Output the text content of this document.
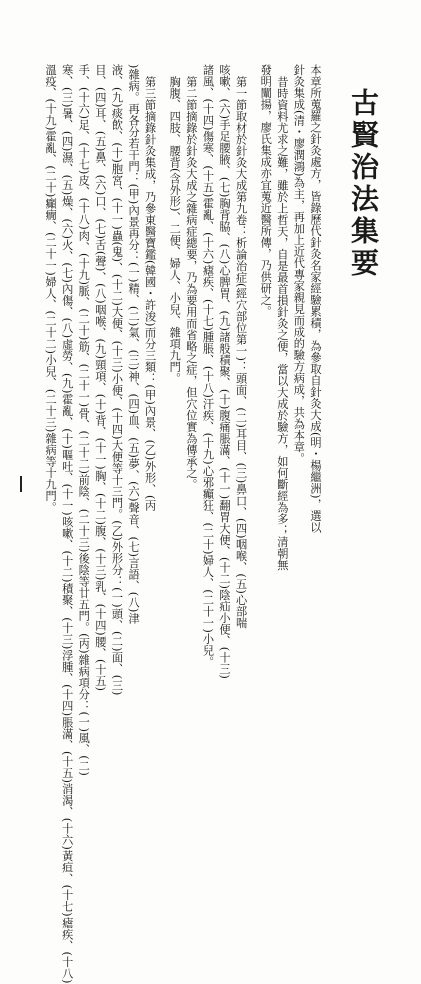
古賢治法集要
本章所蒐羅之針灸處方，皆錄歷代針灸名家經驗累積，為參取自針灸大成(明・楊繼洲)，選以
針灸集成(清・廖潤鴻)為主，再加上近代專家親見而成的驗方病成，共為本章。
昔時資料尤求之難，雖於上哲天，自是最首損針灸之便，當以大成於驗方，如何斷經為多；清朝無
發明闡揚，廖氏集成亦宜蒐近醫所傳，乃供研之。
第一節取材於針灸大成第九卷：析論治症(經穴部位第一)：頭面、(二)耳目、(三)鼻口、(四)咽喉、(五)心部喘
咳嗽、(六)手足腰腋、(七)胸背脇、(八)心脾胃、(九)諸般積聚、(十)腹痛脹滿、(十一)翻胃大便、(十二)陰疝小便、(十三)
諸風、(十四)傷寒、(十五)霍亂、(十六)瘧疾、(十七)腫脹、(十八)汗疾、(十九)心邪癲狂、(二十)婦人、(二十一)小兒。
第二節摘錄於針灸大成之雜病症總要，乃為要用而省略之症，但穴位實為傳承之。
胸腹、四肢、腰背(含外形)、二便、婦人、小兒、雜項九門。
第三節摘錄針灸集成，乃參東醫寶鑑(韓國・許浚)而分三類：(甲)內景、(乙)外形、(丙
)雜病。再各分若干門：(甲)內景再分：(一)精、(二)氣、(三)神、(四)血、(五)夢、(六)聲音、(七)言語、(八)津
液、(九)痰飲、(十)胞宮、(十一)蟲(鬼)、(十二)大便、(十三)小便、(十四)大便等十三門。(乙)外形分：(一)頭、(二)面、(三)
目、(四)耳、(五)鼻、(六)口、(七)舌(聲)、(八)咽喉、(九)頸項、(十)背、(十一)胸、(十二)腹、(十三)乳、(十四)腰、(十五)
手、(十六)足、(十七)皮、(十八)肉、(十九)脈、(二十)筋、(二十一)骨、(二十二)前陰、(二十三)後陰等廿五門。(丙)雜病項分：(一)風、(二)
寒、(三)暑、(四)濕、(五)燥、(六)火、(七)內傷、(八)虛勞、(九)霍亂、(十)嘔吐、(十一)咳嗽、(十二)積聚、(十三)浮腫、(十四)脹滿、(十五)消渴、(十六)黃疸、(十七)瘧疾、(十八)
溫疫、(十九)霍亂、(二十)癲癇、(二十一)婦人、(二十二)小兒、(二十三)雜病等十九門。
